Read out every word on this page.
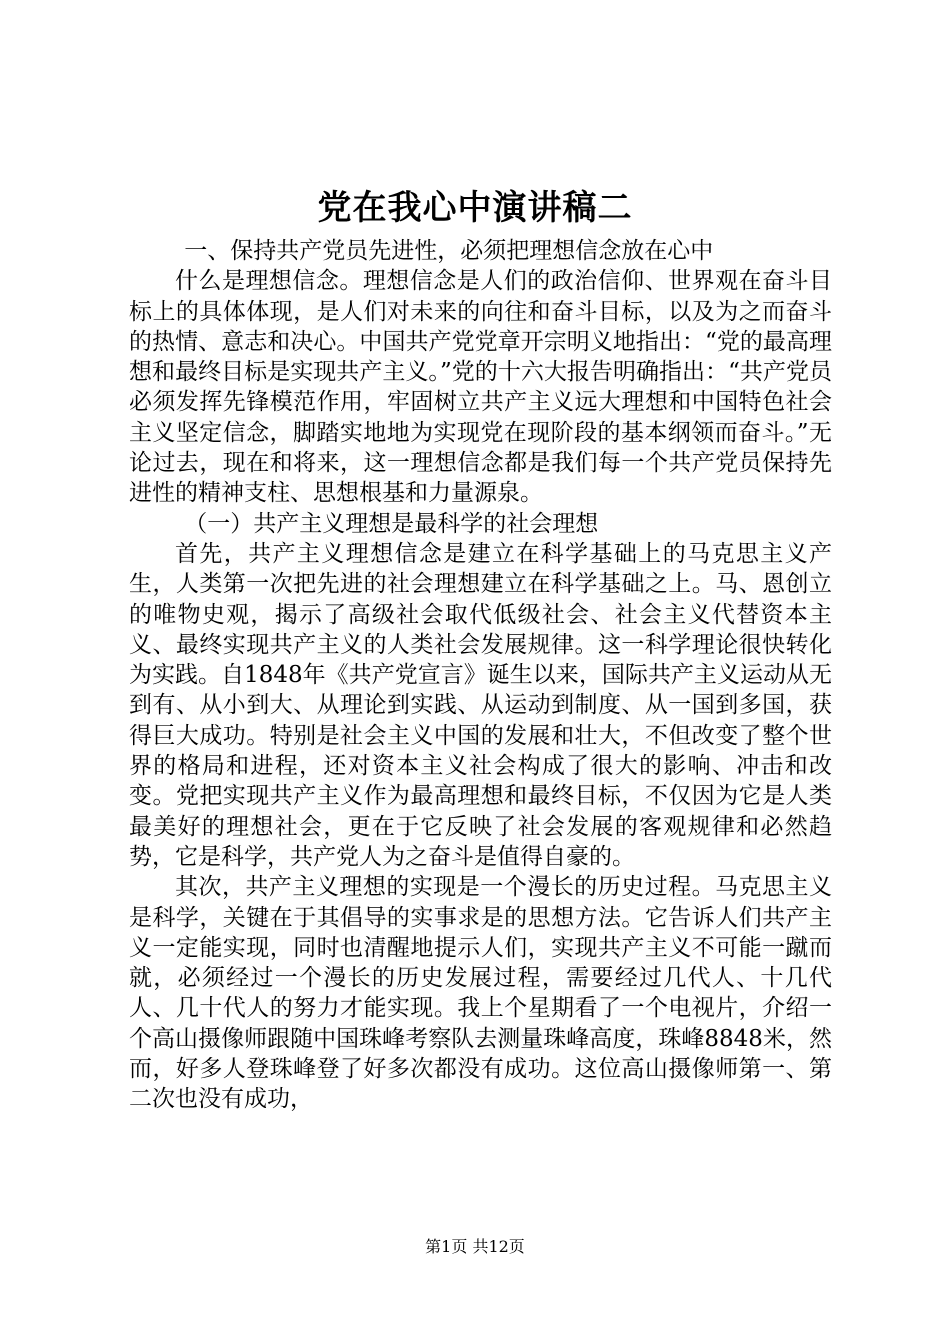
党在我心中演讲稿二

一、保持共产党员先进性，必须把理想信念放在心中

什么是理想信念。理想信念是人们的政治信仰、世界观在奋斗目标上的具体体现，是人们对未来的向往和奋斗目标，以及为之而奋斗的热情、意志和决心。中国共产党党章开宗明义地指出：“党的最高理想和最终目标是实现共产主义。”党的十六大报告明确指出：“共产党员必须发挥先锋模范作用，牢固树立共产主义远大理想和中国特色社会主义坚定信念，脚踏实地地为实现党在现阶段的基本纲领而奋斗。”无论过去，现在和将来，这一理想信念都是我们每一个共产党员保持先进性的精神支柱、思想根基和力量源泉。

（一）共产主义理想是最科学的社会理想

首先，共产主义理想信念是建立在科学基础上的马克思主义产生，人类第一次把先进的社会理想建立在科学基础之上。马、恩创立的唯物史观，揭示了高级社会取代低级社会、社会主义代替资本主义、最终实现共产主义的人类社会发展规律。这一科学理论很快转化为实践。自1848年《共产党宣言》诞生以来，国际共产主义运动从无到有、从小到大、从理论到实践、从运动到制度、从一国到多国，获得巨大成功。特别是社会主义中国的发展和壮大，不但改变了整个世界的格局和进程，还对资本主义社会构成了很大的影响、冲击和改变。党把实现共产主义作为最高理想和最终目标，不仅因为它是人类最美好的理想社会，更在于它反映了社会发展的客观规律和必然趋势，它是科学，共产党人为之奋斗是值得自豪的。

其次，共产主义理想的实现是一个漫长的历史过程。马克思主义是科学，关键在于其倡导的实事求是的思想方法。它告诉人们共产主义一定能实现，同时也清醒地提示人们，实现共产主义不可能一蹴而就，必须经过一个漫长的历史发展过程，需要经过几代人、十几代人、几十代人的努力才能实现。我上个星期看了一个电视片，介绍一个高山摄像师跟随中国珠峰考察队去测量珠峰高度，珠峰8848米，然而，好多人登珠峰登了好多次都没有成功。这位高山摄像师第一、第二次也没有成功，

第1页 共12页
